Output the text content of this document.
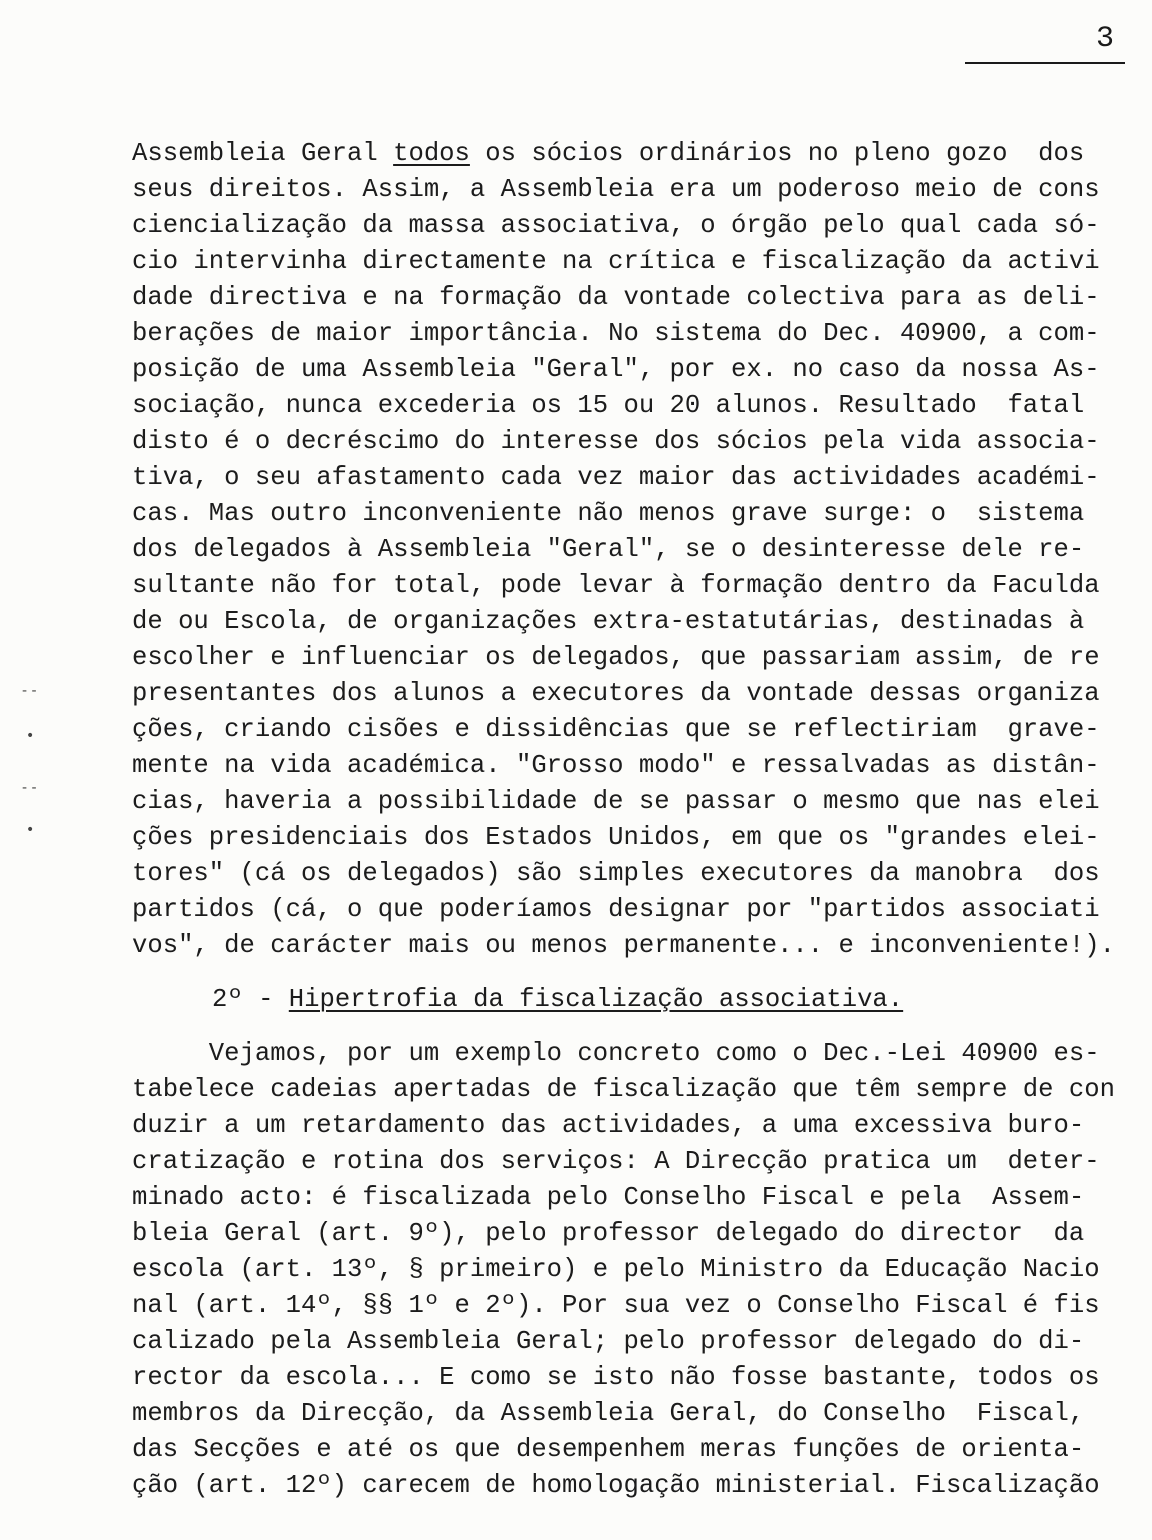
3
- -
•
- -
•
Assembleia Geral todos os sócios ordinários no pleno gozo  dos
seus direitos. Assim, a Assembleia era um poderoso meio de cons
ciencialização da massa associativa, o órgão pelo qual cada só-
cio intervinha directamente na crítica e fiscalização da activi
dade directiva e na formação da vontade colectiva para as deli-
berações de maior importância. No sistema do Dec. 40900, a com-
posição de uma Assembleia "Geral", por ex. no caso da nossa As-
sociação, nunca excederia os 15 ou 20 alunos. Resultado  fatal
disto é o decréscimo do interesse dos sócios pela vida associa-
tiva, o seu afastamento cada vez maior das actividades académi-
cas. Mas outro inconveniente não menos grave surge: o  sistema
dos delegados à Assembleia "Geral", se o desinteresse dele re-
sultante não for total, pode levar à formação dentro da Faculda
de ou Escola, de organizações extra-estatutárias, destinadas à
escolher e influenciar os delegados, que passariam assim, de re
presentantes dos alunos a executores da vontade dessas organiza
ções, criando cisões e dissidências que se reflectiriam  grave-
mente na vida académica. "Grosso modo" e ressalvadas as distân-
cias, haveria a possibilidade de se passar o mesmo que nas elei
ções presidenciais dos Estados Unidos, em que os "grandes elei-
tores" (cá os delegados) são simples executores da manobra  dos
partidos (cá, o que poderíamos designar por "partidos associati
vos", de carácter mais ou menos permanente... e inconveniente!).
2º - Hipertrofia da fiscalização associativa.
Vejamos, por um exemplo concreto como o Dec.-Lei 40900 es-
tabelece cadeias apertadas de fiscalização que têm sempre de con
duzir a um retardamento das actividades, a uma excessiva buro-
cratização e rotina dos serviços: A Direcção pratica um  deter-
minado acto: é fiscalizada pelo Conselho Fiscal e pela  Assem-
bleia Geral (art. 9º), pelo professor delegado do director  da
escola (art. 13º, § primeiro) e pelo Ministro da Educação Nacio
nal (art. 14º, §§ 1º e 2º). Por sua vez o Conselho Fiscal é fis
calizado pela Assembleia Geral; pelo professor delegado do di-
rector da escola... E como se isto não fosse bastante, todos os
membros da Direcção, da Assembleia Geral, do Conselho  Fiscal,
das Secções e até os que desempenhem meras funções de orienta-
ção (art. 12º) carecem de homologação ministerial. Fiscalização
